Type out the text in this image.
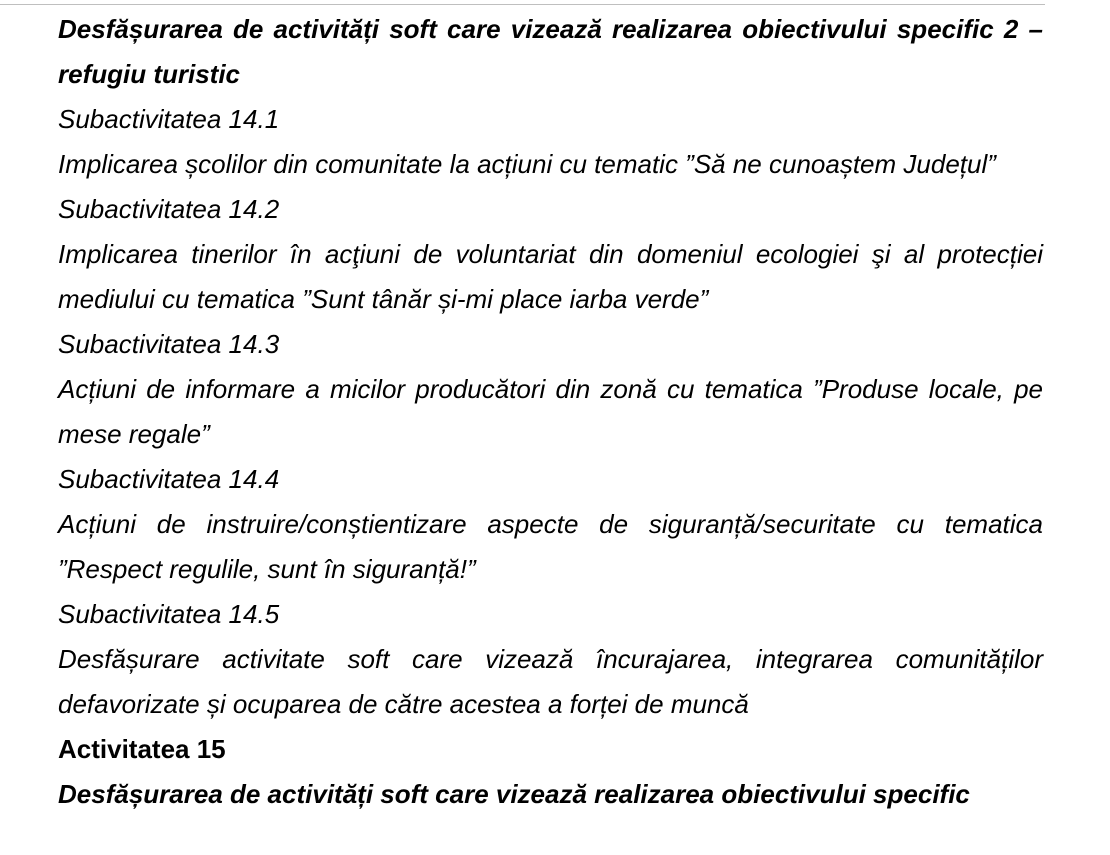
Desfășurarea de activități soft care vizează realizarea obiectivului specific 2 – refugiu turistic

Subactivitatea 14.1

Implicarea școlilor din comunitate la acțiuni cu tematic ”Să ne cunoaștem Județul”

Subactivitatea 14.2

Implicarea tinerilor în acţiuni de voluntariat din domeniul ecologiei şi al protecției mediului cu tematica ”Sunt tânăr și-mi place iarba verde”

Subactivitatea 14.3

Acțiuni de informare a micilor producători din zonă cu tematica ”Produse locale, pe mese regale”

Subactivitatea 14.4

Acțiuni de instruire/conștientizare aspecte de siguranță/securitate cu tematica ”Respect regulile, sunt în siguranță!”

Subactivitatea 14.5

Desfășurare activitate soft care vizează încurajarea, integrarea comunităților defavorizate și ocuparea de către acestea a forței de muncă

Activitatea 15

Desfășurarea de activități soft care vizează realizarea obiectivului specific
